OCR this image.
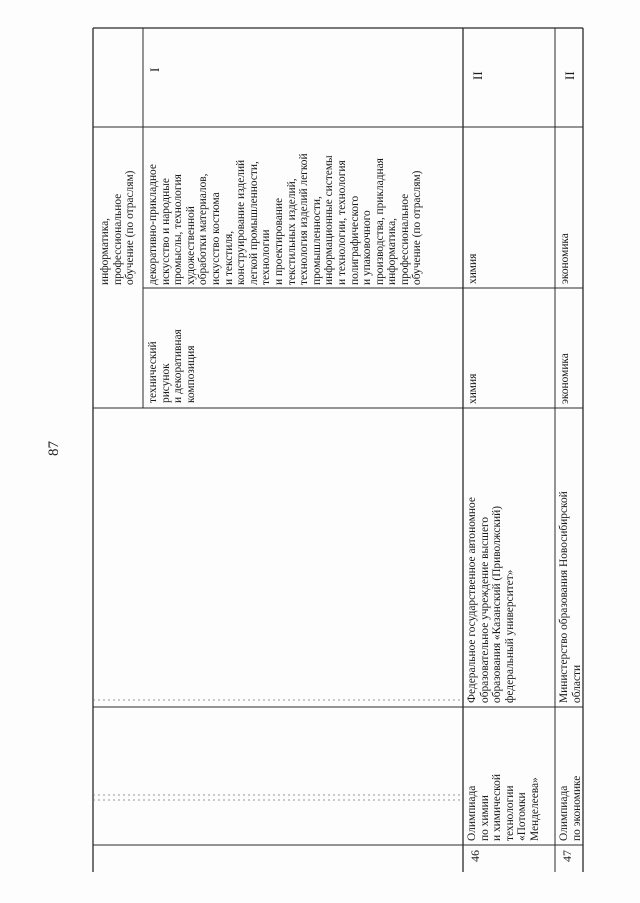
87
информатика, профессиональное обучение (по отраслям)
технический рисунок и декоративная композиция
декоративно-прикладное искусство и народные промыслы, технология художественной обработки материалов, искусство костюма и текстиля, конструирование изделий легкой промышленности, технологии и проектирование текстильных изделий, технология изделий легкой промышленности, информационные системы и технологии, технология полиграфического и упаковочного производства, прикладная информатика, профессиональное обучение (по отраслям)
I
46
Олимпиада по химии и химической технологии «Потомки Менделеева»
Федеральное государственное автономное образовательное учреждение высшего образования «Казанский (Приволжский) федеральный университет»
химия
химия
II
47
Олимпиада по экономике
Министерство образования Новосибирской области
экономика
экономика
II
